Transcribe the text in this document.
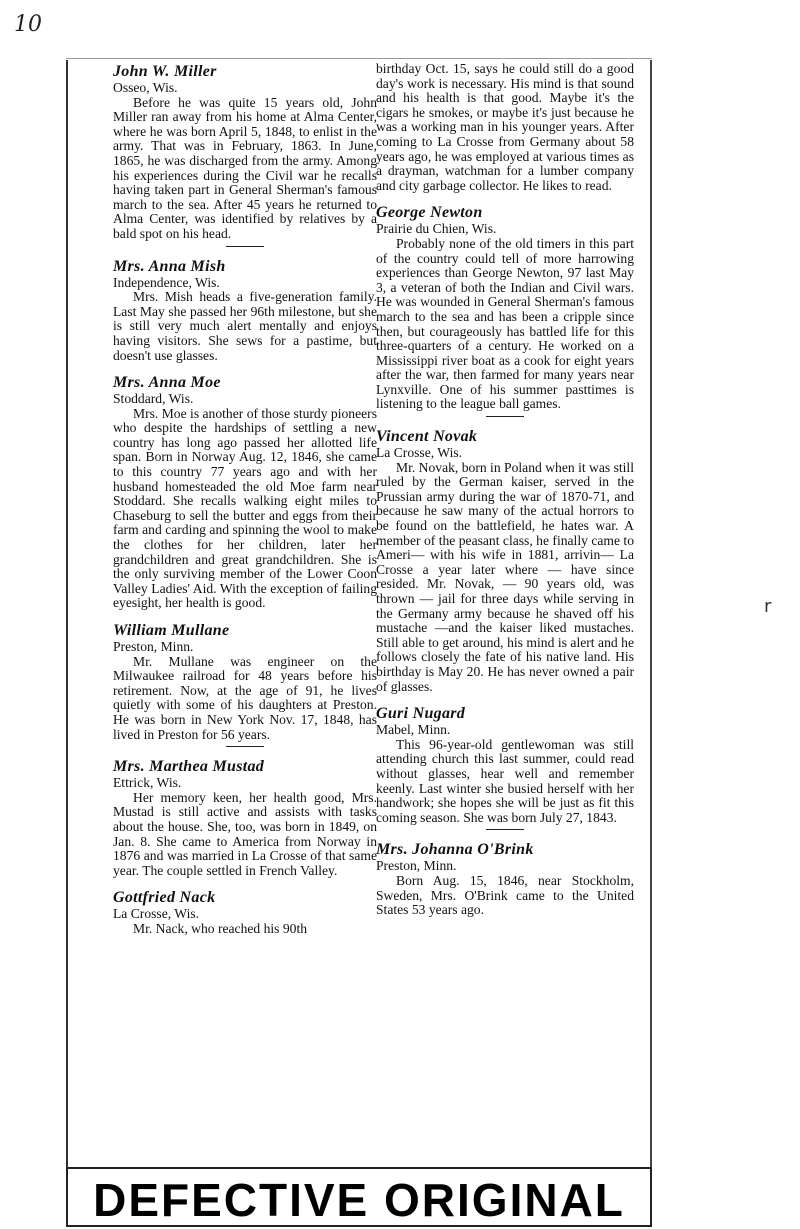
10
r
John W. Miller
Osseo, Wis.
Before he was quite 15 years old, John Miller ran away from his home at Alma Center, where he was born April 5, 1848, to enlist in the army. That was in February, 1863. In June, 1865, he was discharged from the army. Among his experiences during the Civil war he recalls having taken part in General Sherman's famous march to the sea. After 45 years he returned to Alma Center, was identified by relatives by a bald spot on his head.
Mrs. Anna Mish
Independence, Wis.
Mrs. Mish heads a five-generation family. Last May she passed her 96th milestone, but she is still very much alert mentally and enjoys having visitors. She sews for a pastime, but doesn't use glasses.
Mrs. Anna Moe
Stoddard, Wis.
Mrs. Moe is another of those sturdy pioneers who despite the hardships of settling a new country has long ago passed her allotted life span. Born in Norway Aug. 12, 1846, she came to this country 77 years ago and with her husband homesteaded the old Moe farm near Stoddard. She recalls walking eight miles to Chaseburg to sell the butter and eggs from their farm and carding and spinning the wool to make the clothes for her children, later her grandchildren and great grandchildren. She is the only surviving member of the Lower Coon Valley Ladies' Aid. With the exception of failing eyesight, her health is good.
William Mullane
Preston, Minn.
Mr. Mullane was engineer on the Milwaukee railroad for 48 years before his retirement. Now, at the age of 91, he lives quietly with some of his daughters at Preston. He was born in New York Nov. 17, 1848, has lived in Preston for 56 years.
Mrs. Marthea Mustad
Ettrick, Wis.
Her memory keen, her health good, Mrs. Mustad is still active and assists with tasks about the house. She, too, was born in 1849, on Jan. 8. She came to America from Norway in 1876 and was married in La Crosse of that same year. The couple settled in French Valley.
Gottfried Nack
La Crosse, Wis.
Mr. Nack, who reached his 90th
birthday Oct. 15, says he could still do a good day's work is necessary. His mind is that sound and his health is that good. Maybe it's the cigars he smokes, or maybe it's just because he was a working man in his younger years. After coming to La Crosse from Germany about 58 years ago, he was employed at various times as a drayman, watchman for a lumber company and city garbage collector. He likes to read.
George Newton
Prairie du Chien, Wis.
Probably none of the old timers in this part of the country could tell of more harrowing experiences than George Newton, 97 last May 3, a veteran of both the Indian and Civil wars. He was wounded in General Sherman's famous march to the sea and has been a cripple since then, but courageously has battled life for this three-quarters of a century. He worked on a Mississippi river boat as a cook for eight years after the war, then farmed for many years near Lynxville. One of his summer pasttimes is listening to the league ball games.
Vincent Novak
La Crosse, Wis.
Mr. Novak, born in Poland when it was still ruled by the German kaiser, served in the Prussian army during the war of 1870-71, and because he saw many of the actual horrors to be found on the battlefield, he hates war. A member of the peasant class, he finally came to Ameri— with his wife in 1881, arrivin— La Crosse a year later where — have since resided. Mr. Novak, — 90 years old, was thrown — jail for three days while serving in the Germany army because he shaved off his mustache —and the kaiser liked mustaches. Still able to get around, his mind is alert and he follows closely the fate of his native land. His birthday is May 20. He has never owned a pair of glasses.
Guri Nugard
Mabel, Minn.
This 96-year-old gentlewoman was still attending church this last summer, could read without glasses, hear well and remember keenly. Last winter she busied herself with her handwork; she hopes she will be just as fit this coming season. She was born July 27, 1843.
Mrs. Johanna O'Brink
Preston, Minn.
Born Aug. 15, 1846, near Stockholm, Sweden, Mrs. O'Brink came to the United States 53 years ago.
DEFECTIVE ORIGINAL
